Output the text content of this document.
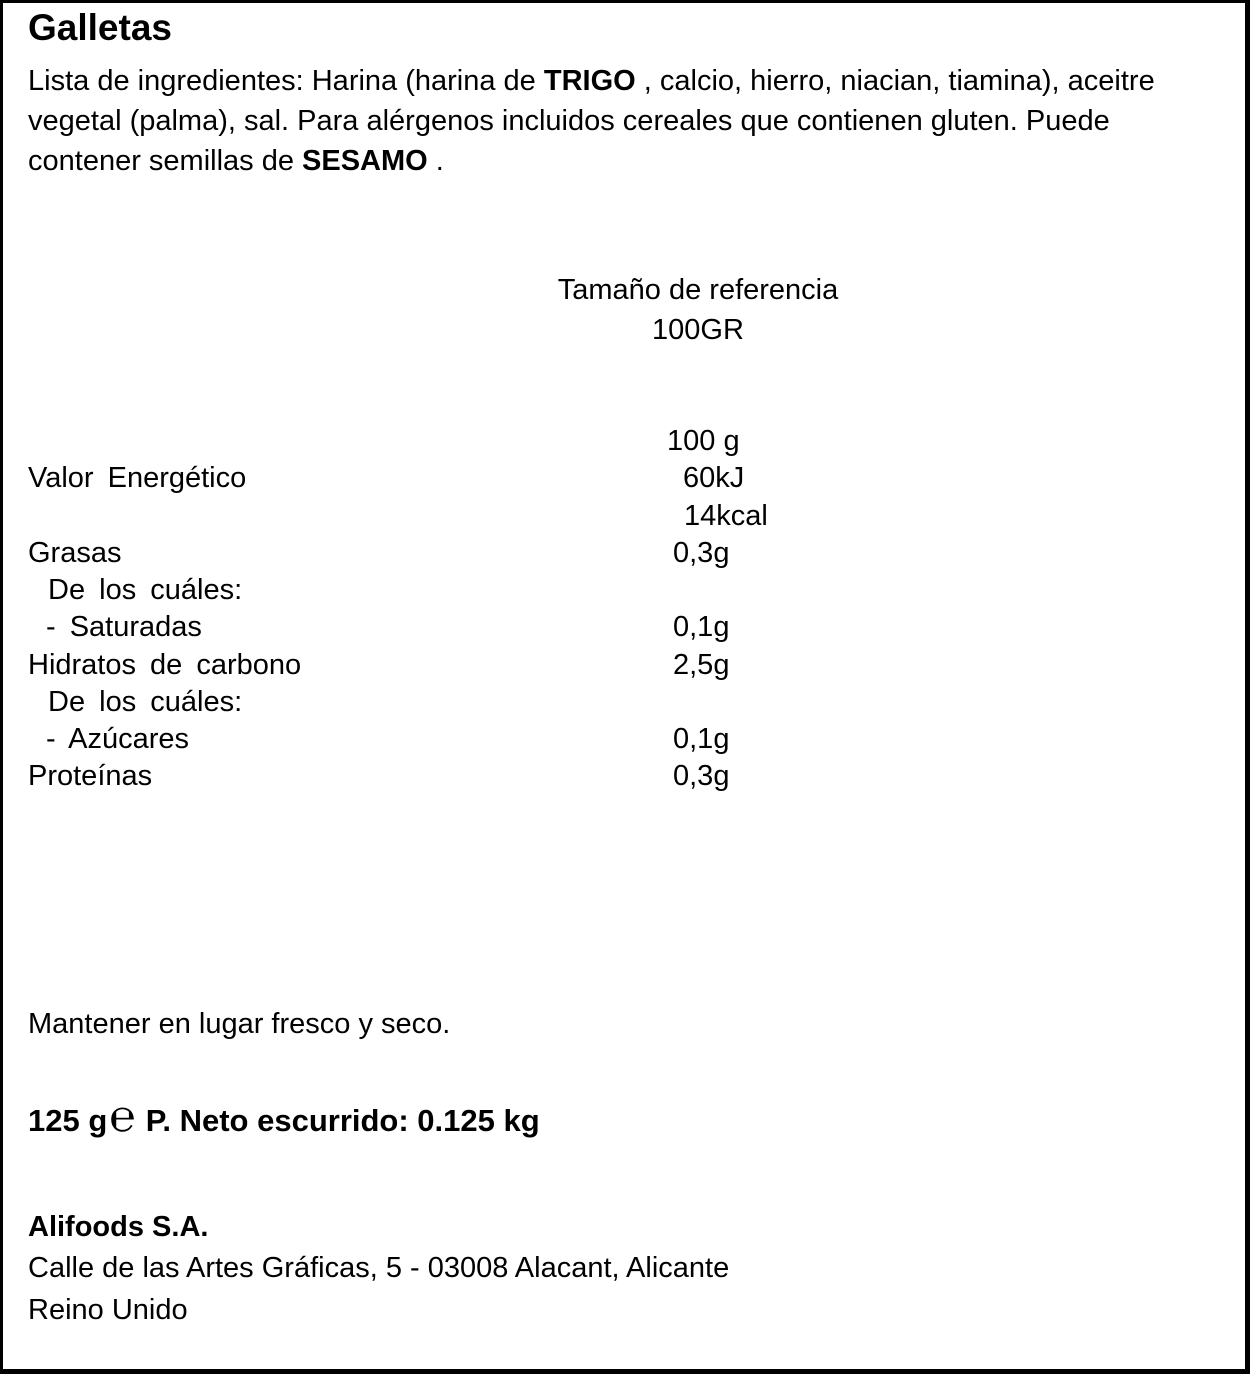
Galletas
Lista de ingredientes: Harina (harina de TRIGO , calcio, hierro, niacian, tiamina), aceitre vegetal (palma), sal. Para alérgenos incluidos cereales que contienen gluten. Puede contener semillas de SESAMO .
Tamaño de referencia
100GR
100 g
Valor Energético	60kJ
14kcal
Grasas	0,3g
De los cuáles:
- Saturadas	0,1g
Hidratos de carbono	2,5g
De los cuáles:
- Azúcares	0,1g
Proteínas	0,3g
Mantener en lugar fresco y seco.
125 g℮ P. Neto escurrido: 0.125 kg
Alifoods S.A.
Calle de las Artes Gráficas, 5 - 03008 Alacant, Alicante
Reino Unido
